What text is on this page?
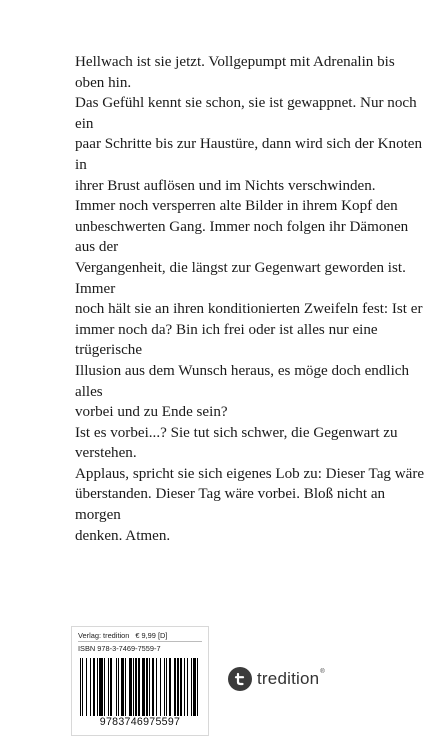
Hellwach ist sie jetzt. Vollgepumpt mit Adrenalin bis oben hin.
Das Gefühl kennt sie schon, sie ist gewappnet. Nur noch ein
paar Schritte bis zur Haustüre, dann wird sich der Knoten in
ihrer Brust auflösen und im Nichts verschwinden.

Immer noch versperren alte Bilder in ihrem Kopf den
unbeschwerten Gang. Immer noch folgen ihr Dämonen aus der
Vergangenheit, die längst zur Gegenwart geworden ist. Immer
noch hält sie an ihren konditionierten Zweifeln fest: Ist er
immer noch da? Bin ich frei oder ist alles nur eine trügerische
Illusion aus dem Wunsch heraus, es möge doch endlich alles
vorbei und zu Ende sein?

Ist es vorbei...? Sie tut sich schwer, die Gegenwart zu verstehen.
Applaus, spricht sie sich eigenes Lob zu: Dieser Tag wäre
überstanden. Dieser Tag wäre vorbei. Bloß nicht an morgen
denken. Atmen.

Verlag: tredition € 9,99 [D]
ISBN 978-3-7469-7559-7
9783746975597
tredition®
